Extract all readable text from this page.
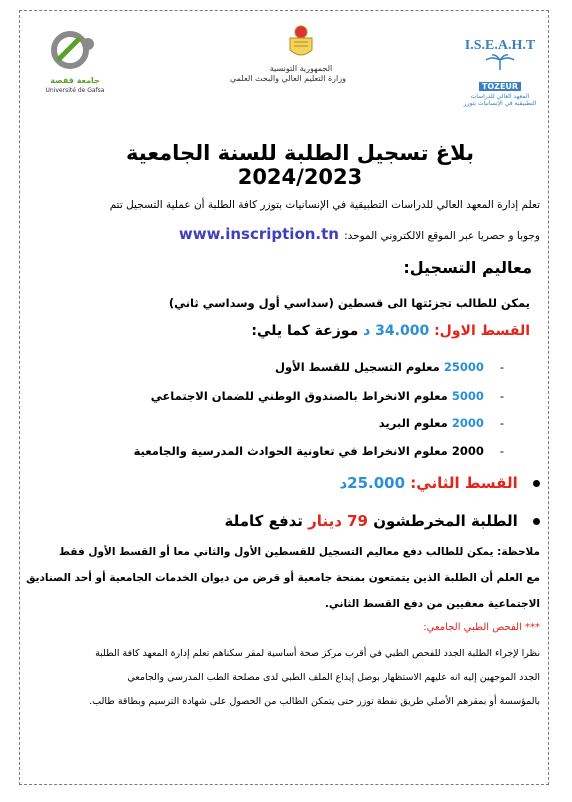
جامعة قفصة
Université de Gafsa
الجمهورية التونسية
وزارة التعليم العالي والبحث العلمي
I.S.E.A.H.T
TOZEUR
المعهد العالي للدراسات التطبيقية في الإنسانيات بتوزر
بلاغ تسجيل الطلبة للسنة الجامعية 2024/2023
تعلم إدارة المعهد العالي للدراسات التطبيقية في الإنسانيات بتوزر كافة الطلبة أن عملية التسجيل تتم
وجوبا و حصريا عبر الموقع الالكتروني الموحد: www.inscription.tn
معاليم التسجيل:
يمكن للطالب تجزئتها الى قسطين (سداسي أول وسداسي ثاني)
القسط الاول: 34.000 د موزعة كما يلي:
- 25000 معلوم التسجيل للقسط الأول
- 5000 معلوم الانخراط بالصندوق الوطني للضمان الاجتماعي
- 2000 معلوم البريد
- 2000 معلوم الانخراط في تعاونية الحوادث المدرسية والجامعية
القسط الثاني: 25.000د
الطلبة المخرطشون 79 دينار تدفع كاملة
ملاحظة: يمكن للطالب دفع معاليم التسجيل للقسطين الأول والثاني معا أو القسط الأول فقط
مع العلم أن الطلبة الذين يتمتعون بمنحة جامعية أو قرض من ديوان الخدمات الجامعية أو أحد الصناديق
الاجتماعية معفيين من دفع القسط الثاني.
*** الفحص الطبي الجامعي:
نظرا لإجراء الطلبة الجدد للفحص الطبي في أقرب مركز صحة أساسية لمقر سكناهم تعلم إدارة المعهد كافة الطلبة
الجدد الموجهين إليه انه عليهم الاستظهار بوصل إيداع الملف الطبي لدى مصلحة الطب المدرسي والجامعي
بالمؤسسة أو بمقرهم الأصلي طريق نفطة توزر حتى يتمكن الطالب من الحصول على شهادة الترسيم وبطاقة طالب.
